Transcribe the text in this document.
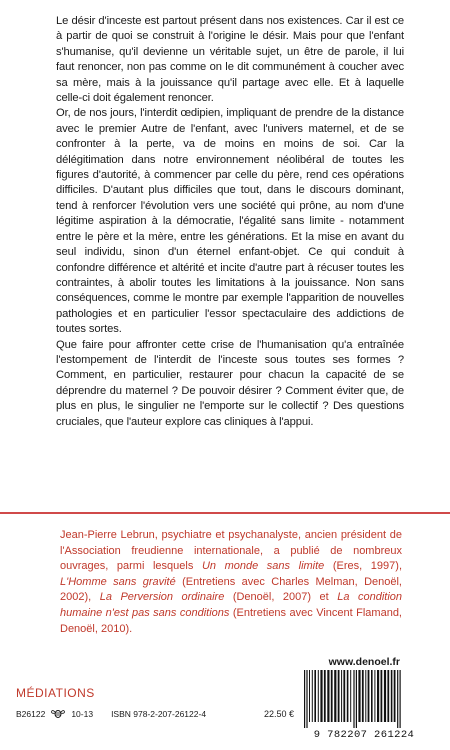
Le désir d'inceste est partout présent dans nos existences. Car il est ce à partir de quoi se construit à l'origine le désir. Mais pour que l'enfant s'humanise, qu'il devienne un véritable sujet, un être de parole, il lui faut renoncer, non pas comme on le dit communément à coucher avec sa mère, mais à la jouissance qu'il partage avec elle. Et à laquelle celle-ci doit également renoncer.

Or, de nos jours, l'interdit œdipien, impliquant de prendre de la distance avec le premier Autre de l'enfant, avec l'univers maternel, et de se confronter à la perte, va de moins en moins de soi. Car la délégitimation dans notre environnement néolibéral de toutes les figures d'autorité, à commencer par celle du père, rend ces opérations difficiles. D'autant plus difficiles que tout, dans le discours dominant, tend à renforcer l'évolution vers une société qui prône, au nom d'une légitime aspiration à la démocratie, l'égalité sans limite - notamment entre le père et la mère, entre les générations. Et la mise en avant du seul individu, sinon d'un éternel enfant-objet. Ce qui conduit à confondre différence et altérité et incite d'autre part à récuser toutes les contraintes, à abolir toutes les limitations à la jouissance. Non sans conséquences, comme le montre par exemple l'apparition de nouvelles pathologies et en particulier l'essor spectaculaire des addictions de toutes sortes.

Que faire pour affronter cette crise de l'humanisation qu'a entraînée l'estompement de l'interdit de l'inceste sous toutes ses formes ? Comment, en particulier, restaurer pour chacun la capacité de se déprendre du maternel ? De pouvoir désirer ? Comment éviter que, de plus en plus, le singulier ne l'emporte sur le collectif ? Des questions cruciales, que l'auteur explore cas cliniques à l'appui.

Jean-Pierre Lebrun, psychiatre et psychanalyste, ancien président de l'Association freudienne internationale, a publié de nombreux ouvrages, parmi lesquels Un monde sans limite (Eres, 1997), L'Homme sans gravité (Entretiens avec Charles Melman, Denoël, 2002), La Perversion ordinaire (Denoël, 2007) et La condition humaine n'est pas sans conditions (Entretiens avec Vincent Flamand, Denoël, 2010).
www.denoel.fr
MÉDIATIONS
B26122	10-13 ISBN 978-2-207-26122-4	22.50 €
9 782207 261224
